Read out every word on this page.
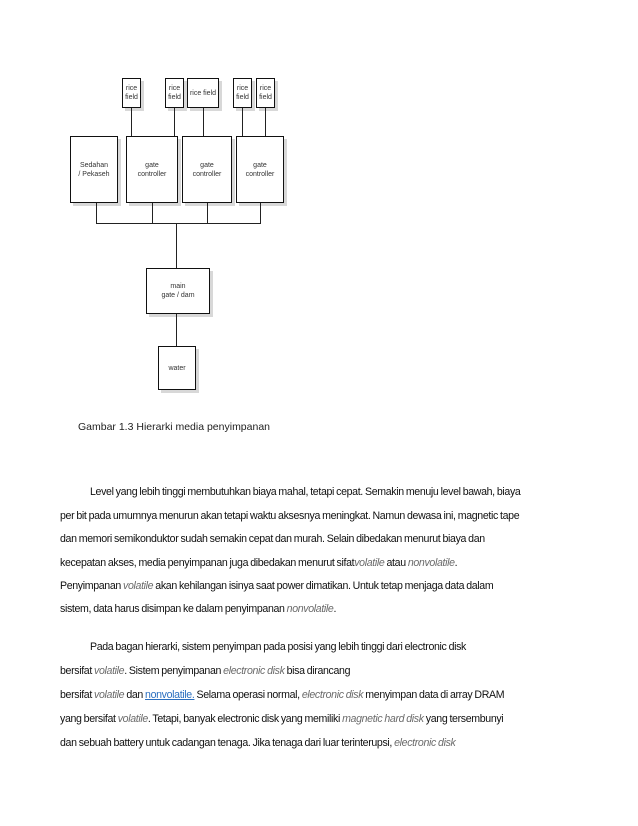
rice
field
rice
field
rice field
rice
field
rice
field
Sedahan
/ Pekaseh
gate
controller
gate
controller
gate
controller
main
gate / dam
water
Gambar 1.3 Hierarki media penyimpanan
Level yang lebih tinggi membutuhkan biaya mahal, tetapi cepat. Semakin menuju level bawah, biaya
per bit pada umumnya menurun akan tetapi waktu aksesnya meningkat. Namun dewasa ini, magnetic tape
dan memori semikonduktor sudah semakin cepat dan murah. Selain dibedakan menurut biaya dan
kecepatan akses, media penyimpanan juga dibedakan menurut sifatvolatile atau nonvolatile.
Penyimpanan volatile akan kehilangan isinya saat power dimatikan. Untuk tetap menjaga data dalam
sistem, data harus disimpan ke dalam penyimpanan nonvolatile.
Pada bagan hierarki, sistem penyimpan pada posisi yang lebih tinggi dari electronic disk
bersifat volatile. Sistem penyimpanan electronic disk bisa dirancang
bersifat volatile dan nonvolatile. Selama operasi normal, electronic disk menyimpan data di array DRAM
yang bersifat volatile. Tetapi, banyak electronic disk yang memiliki magnetic hard disk yang tersembunyi
dan sebuah battery untuk cadangan tenaga. Jika tenaga dari luar terinterupsi, electronic disk
